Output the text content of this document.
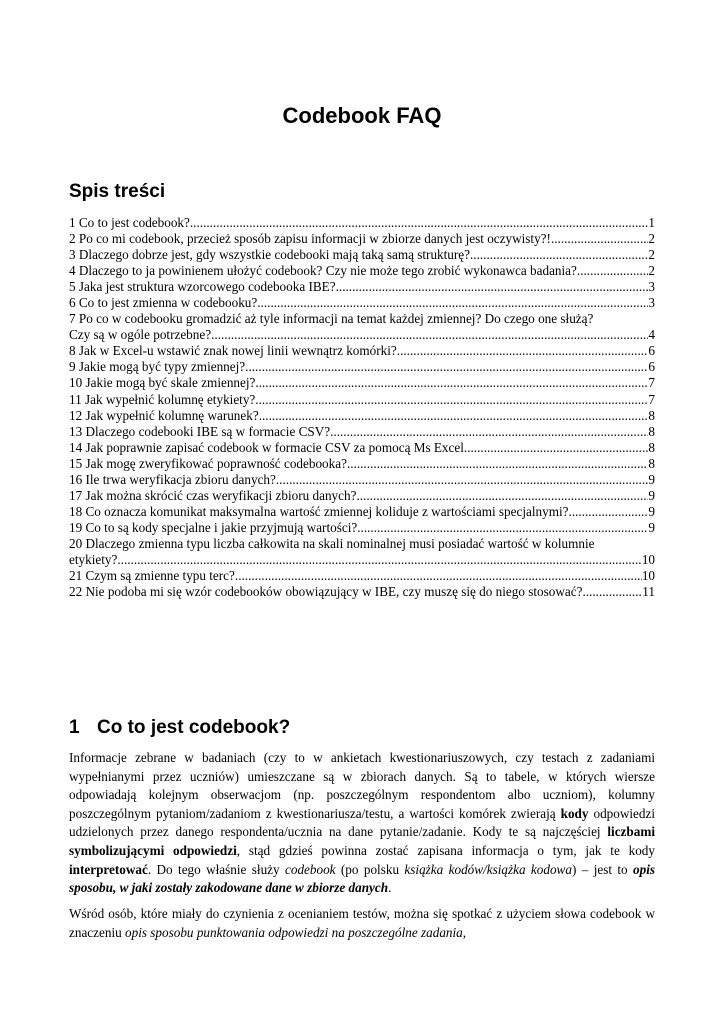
Codebook FAQ
Spis treści
1 Co to jest codebook? .....	1
2 Po co mi codebook, przecież sposób zapisu informacji w zbiorze danych jest oczywisty?! .....	2
3 Dlaczego dobrze jest, gdy wszystkie codebooki mają taką samą strukturę? .....	2
4 Dlaczego to ja powinienem ułożyć codebook? Czy nie może tego zrobić wykonawca badania? .....	2
5 Jaka jest struktura wzorcowego codebooka IBE? .....	3
6 Co to jest zmienna w codebooku? .....	3
7 Po co w codebooku gromadzić aż tyle informacji na temat każdej zmiennej? Do czego one służą?
Czy są w ogóle potrzebne? .....	4
8 Jak w Excel-u wstawić znak nowej linii wewnątrz komórki? .....	6
9 Jakie mogą być typy zmiennej? .....	6
10 Jakie mogą być skale zmiennej? .....	7
11 Jak wypełnić kolumnę etykiety? .....	7
12 Jak wypełnić kolumnę warunek? .....	8
13 Dlaczego codebooki IBE są w formacie CSV? .....	8
14 Jak poprawnie zapisać codebook w formacie CSV za pomocą Ms Excel .....	8
15 Jak mogę zweryfikować poprawność codebooka? .....	8
16 Ile trwa weryfikacja zbioru danych? .....	9
17 Jak można skrócić czas weryfikacji zbioru danych? .....	9
18 Co oznacza komunikat maksymalna wartość zmiennej koliduje z wartościami specjalnymi? .....	9
19 Co to są kody specjalne i jakie przyjmują wartości? .....	9
20 Dlaczego zmienna typu liczba całkowita na skali nominalnej musi posiadać wartość w kolumnie
etykiety? .....	10
21 Czym są zmienne typu terc? .....	10
22 Nie podoba mi się wzór codebooków obowiązujący w IBE, czy muszę się do niego stosować? .....	11
1 Co to jest codebook?

Informacje zebrane w badaniach (czy to w ankietach kwestionariuszowych, czy testach z zadaniami wypełnianymi przez uczniów) umieszczane są w zbiorach danych. Są to tabele, w których wiersze odpowiadają kolejnym obserwacjom (np. poszczególnym respondentom albo uczniom), kolumny poszczególnym pytaniom/zadaniom z kwestionariusza/testu, a wartości komórek zwierają kody odpowiedzi udzielonych przez danego respondenta/ucznia na dane pytanie/zadanie. Kody te są najczęściej liczbami symbolizującymi odpowiedzi, stąd gdzieś powinna zostać zapisana informacja o tym, jak te kody interpretować. Do tego właśnie służy codebook (po polsku książka kodów/książka kodowa) – jest to opis sposobu, w jaki zostały zakodowane dane w zbiorze danych.

Wśród osób, które miały do czynienia z ocenianiem testów, można się spotkać z użyciem słowa codebook w znaczeniu opis sposobu punktowania odpowiedzi na poszczególne zadania,
